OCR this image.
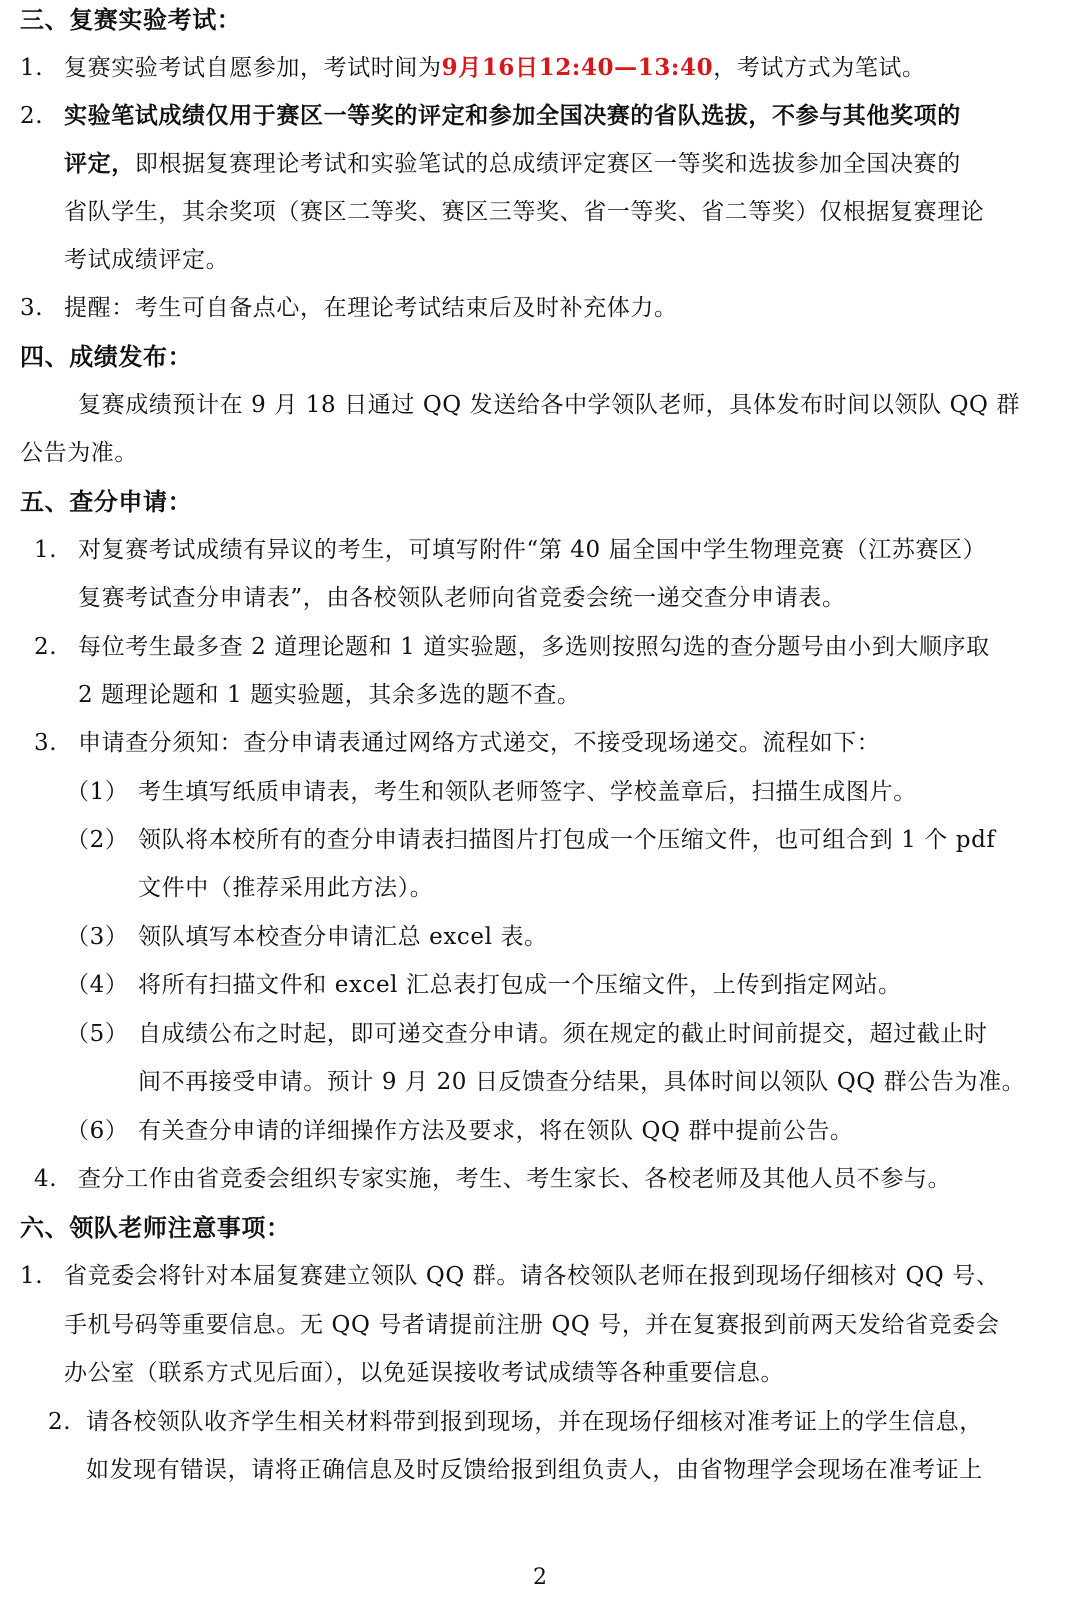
三、复赛实验考试：
1. 复赛实验考试自愿参加，考试时间为9月16日12:40—13:40，考试方式为笔试。
2. 实验笔试成绩仅用于赛区一等奖的评定和参加全国决赛的省队选拔，不参与其他奖项的
评定，即根据复赛理论考试和实验笔试的总成绩评定赛区一等奖和选拔参加全国决赛的
省队学生，其余奖项（赛区二等奖、赛区三等奖、省一等奖、省二等奖）仅根据复赛理论
考试成绩评定。
3. 提醒：考生可自备点心，在理论考试结束后及时补充体力。
四、成绩发布：
复赛成绩预计在 9 月 18 日通过 QQ 发送给各中学领队老师，具体发布时间以领队 QQ 群
公告为准。
五、查分申请：
1. 对复赛考试成绩有异议的考生，可填写附件“第 40 届全国中学生物理竞赛（江苏赛区）
复赛考试查分申请表”，由各校领队老师向省竞委会统一递交查分申请表。
2. 每位考生最多查 2 道理论题和 1 道实验题，多选则按照勾选的查分题号由小到大顺序取
2 题理论题和 1 题实验题，其余多选的题不查。
3. 申请查分须知：查分申请表通过网络方式递交，不接受现场递交。流程如下：
（1） 考生填写纸质申请表，考生和领队老师签字、学校盖章后，扫描生成图片。
（2） 领队将本校所有的查分申请表扫描图片打包成一个压缩文件，也可组合到 1 个 pdf
文件中（推荐采用此方法）。
（3） 领队填写本校查分申请汇总 excel 表。
（4） 将所有扫描文件和 excel 汇总表打包成一个压缩文件，上传到指定网站。
（5） 自成绩公布之时起，即可递交查分申请。须在规定的截止时间前提交，超过截止时
间不再接受申请。预计 9 月 20 日反馈查分结果，具体时间以领队 QQ 群公告为准。
（6） 有关查分申请的详细操作方法及要求，将在领队 QQ 群中提前公告。
4. 查分工作由省竞委会组织专家实施，考生、考生家长、各校老师及其他人员不参与。
六、领队老师注意事项：
1. 省竞委会将针对本届复赛建立领队 QQ 群。请各校领队老师在报到现场仔细核对 QQ 号、
手机号码等重要信息。无 QQ 号者请提前注册 QQ 号，并在复赛报到前两天发给省竞委会
办公室（联系方式见后面），以免延误接收考试成绩等各种重要信息。
2. 请各校领队收齐学生相关材料带到报到现场，并在现场仔细核对准考证上的学生信息，
如发现有错误，请将正确信息及时反馈给报到组负责人，由省物理学会现场在准考证上
2
